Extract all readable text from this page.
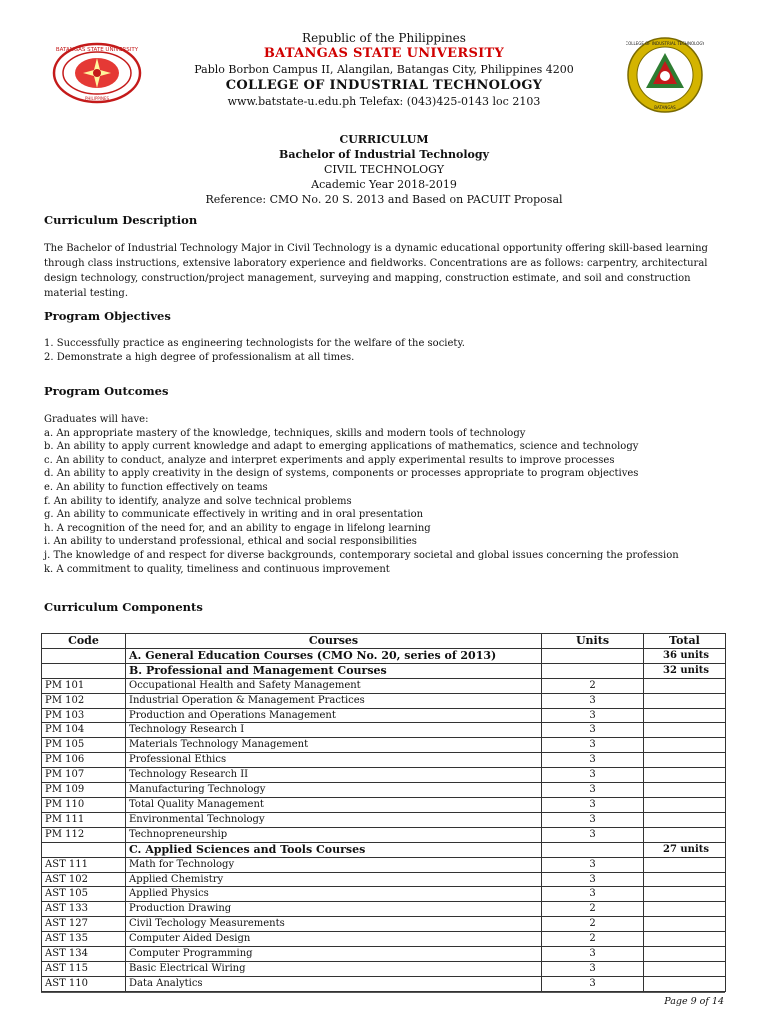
BATANGAS STATE UNIVERSITY
PHILIPPINES
COLLEGE OF INDUSTRIAL TECHNOLOGY
BATANGAS
Republic of the Philippines
BATANGAS STATE UNIVERSITY
Pablo Borbon Campus II, Alangilan, Batangas City, Philippines 4200
COLLEGE OF INDUSTRIAL TECHNOLOGY
www.batstate-u.edu.ph Telefax: (043)425-0143 loc 2103
CURRICULUM
Bachelor of Industrial Technology
CIVIL TECHNOLOGY
Academic Year 2018-2019
Reference: CMO No. 20 S. 2013 and Based on PACUIT Proposal
Curriculum Description
The Bachelor of Industrial Technology Major in Civil Technology is a dynamic educational opportunity offering skill-based learning through class instructions, extensive laboratory experience and fieldworks. Concentrations are as follows: carpentry, architectural design technology, construction/project management, surveying and mapping, construction estimate, and soil and construction material testing.
Program Objectives
1. Successfully practice as engineering technologists for the welfare of the society.
2. Demonstrate a high degree of professionalism at all times.
Program Outcomes
Graduates will have:
a. An appropriate mastery of the knowledge, techniques, skills and modern tools of technology
b. An ability to apply current knowledge and adapt to emerging applications of mathematics, science and technology
c. An ability to conduct, analyze and interpret experiments and apply experimental results to improve processes
d. An ability to apply creativity in the design of systems, components or processes appropriate to program objectives
e. An ability to function effectively on teams
f. An ability to identify, analyze and solve technical problems
g. An ability to communicate effectively in writing and in oral presentation
h. A recognition of the need for, and an ability to engage in lifelong learning
i. An ability to understand professional, ethical and social responsibilities
j. The knowledge of and respect for diverse backgrounds, contemporary societal and global issues concerning the profession
k. A commitment to quality, timeliness and continuous improvement
Curriculum Components
Code	Courses	Units	Total
	A. General Education Courses (CMO No. 20, series of 2013)		36 units
	B. Professional and Management Courses		32 units
PM 101	Occupational Health and Safety Management	2	
PM 102	Industrial Operation & Management Practices	3	
PM 103	Production and Operations Management	3	
PM 104	Technology Research I	3	
PM 105	Materials Technology Management	3	
PM 106	Professional Ethics	3	
PM 107	Technology Research II	3	
PM 109	Manufacturing Technology	3	
PM 110	Total Quality Management	3	
PM 111	Environmental Technology	3	
PM 112	Technopreneurship	3	
	C. Applied Sciences and Tools Courses		27 units
AST 111	Math for Technology	3	
AST 102	Applied Chemistry	3	
AST 105	Applied Physics	3	
AST 133	Production Drawing	2	
AST 127	Civil Techology Measurements	2	
AST 135	Computer Aided Design	2	
AST 134	Computer Programming	3	
AST 115	Basic Electrical Wiring	3	
AST 110	Data Analytics	3	
Page 9 of 14
